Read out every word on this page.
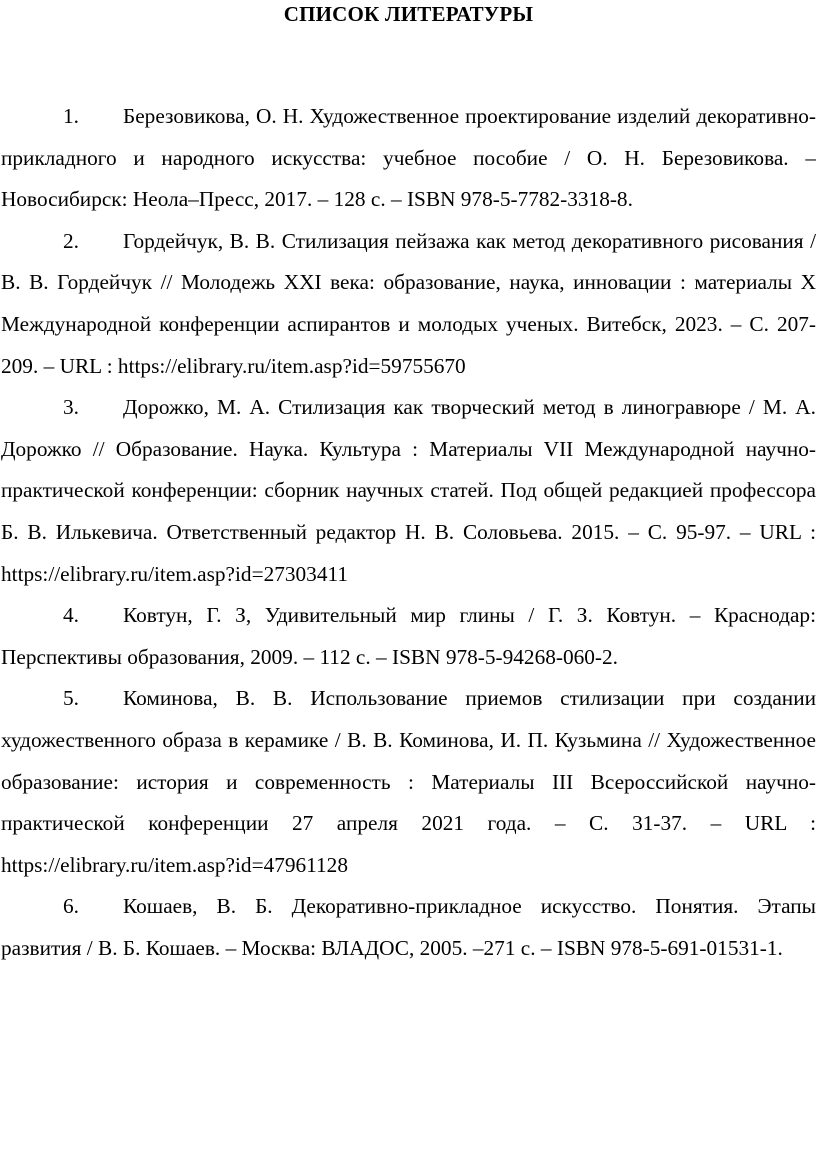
СПИСОК ЛИТЕРАТУРЫ
1. Березовикова, О. Н. Художественное проектирование изделий декоративно-прикладного и народного искусства: учебное пособие / О. Н. Березовикова. – Новосибирск: Неола–Пресс, 2017. – 128 с. – ISBN 978-5-7782-3318-8.
2. Гордейчук, В. В. Стилизация пейзажа как метод декоративного рисования / В. В. Гордейчук // Молодежь XXI века: образование, наука, инновации : материалы X Международной конференции аспирантов и молодых ученых. Витебск, 2023. – С. 207-209. – URL : https://elibrary.ru/item.asp?id=59755670
3. Дорожко, М. А. Стилизация как творческий метод в линогравюре / М. А. Дорожко // Образование. Наука. Культура : Материалы VII Международной научно-практической конференции: сборник научных статей. Под общей редакцией профессора Б. В. Илькевича. Ответственный редактор Н. В. Соловьева. 2015. – С. 95-97. – URL : https://elibrary.ru/item.asp?id=27303411
4. Ковтун, Г. З, Удивительный мир глины / Г. З. Ковтун. – Краснодар: Перспективы образования, 2009. – 112 с. – ISBN 978-5-94268-060-2.
5. Коминова, В. В. Использование приемов стилизации при создании художественного образа в керамике / В. В. Коминова, И. П. Кузьмина // Художественное образование: история и современность : Материалы III Всероссийской научно-практической конференции 27 апреля 2021 года. – С. 31-37. – URL : https://elibrary.ru/item.asp?id=47961128
6. Кошаев, В. Б. Декоративно-прикладное искусство. Понятия. Этапы развития / В. Б. Кошаев. – Москва: ВЛАДОС, 2005. –271 с. – ISBN 978-5-691-01531-1.
